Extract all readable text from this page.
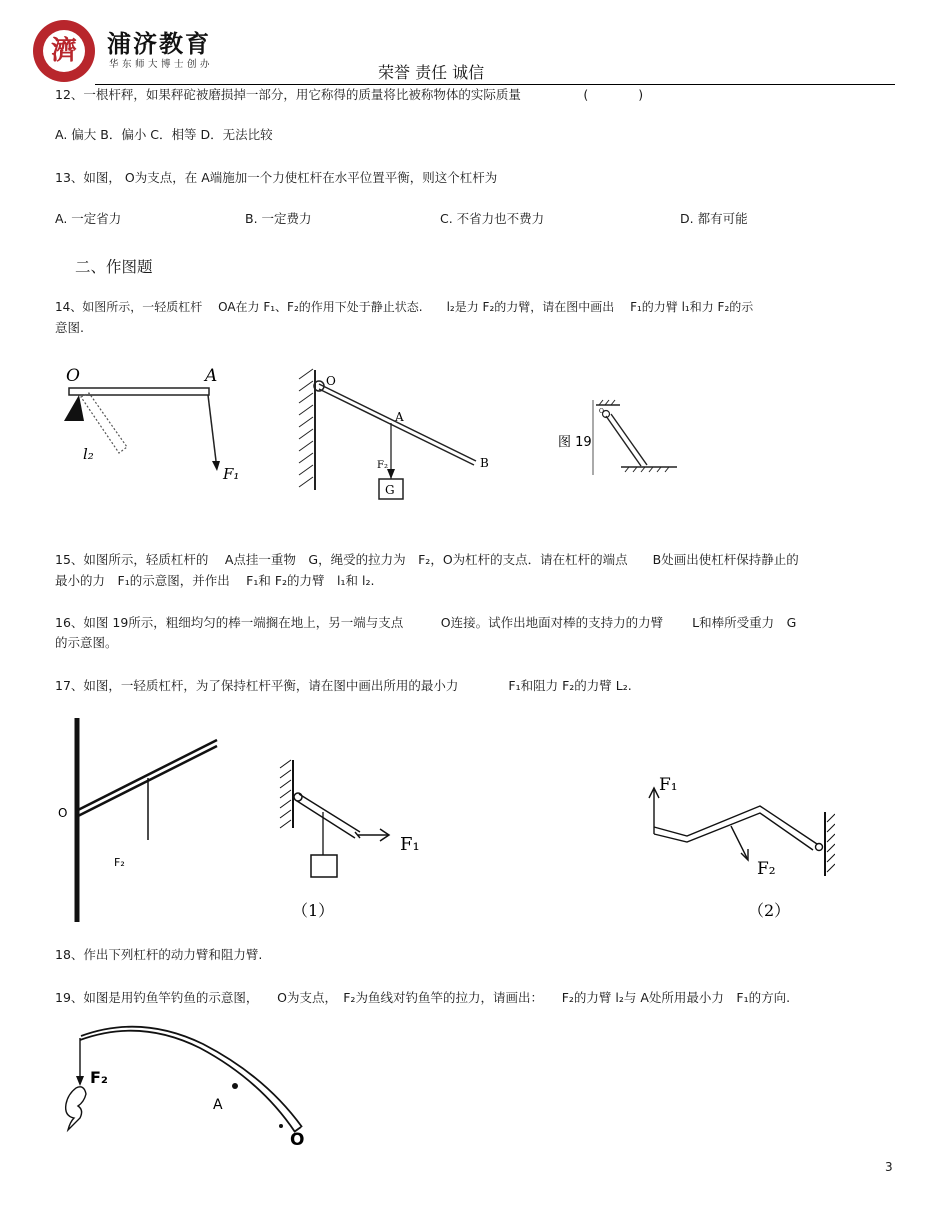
濟	浦济教育
华东师大博士创办	荣誉 责任 诚信
12、一根杆秤，如果秤砣被磨损掉一部分，用它称得的质量将比被称物体的实际质量　　　　　(　　　　)
A. 偏大 B．偏小 C．相等 D．无法比较
13、如图， O为支点，在 A端施加一个力使杠杆在水平位置平衡，则这个杠杆为
A. 一定省力	B. 一定费力	C. 不省力也不费力	D. 都有可能
二、作图题
14、如图所示，一轻质杠杆　 OA在力 F₁、F₂的作用下处于静止状态.　　l₂是力 F₂的力臂，请在图中画出　 F₁的力臂 l₁和力 F₂的示
意图.
O	A
l₂
F₁
O
A
B
F₂
G
图 19
O
15、如图所示，轻质杠杆的　 A点挂一重物　G，绳受的拉力为　F₂，O为杠杆的支点．请在杠杆的端点　　B处画出使杠杆保持静止的
最小的力　F₁的示意图，并作出　 F₁和 F₂的力臂　l₁和 l₂.
16、如图 19所示，粗细均匀的棒一端搁在地上，另一端与支点　　　O连接。试作出地面对棒的支持力的力臂　　 L和棒所受重力　G
的示意图。
17、如图，一轻质杠杆，为了保持杠杆平衡，请在图中画出所用的最小力　　　　F₁和阻力 F₂的力臂 L₂.
O
F₂
F₁
（1）
F₁
F₂
（2）
18、作出下列杠杆的动力臂和阻力臂.
19、如图是用钓鱼竿钓鱼的示意图，　　O为支点，　F₂为鱼线对钓鱼竿的拉力，请画出：　　F₂的力臂 l₂与 A处所用最小力　F₁的方向.
F₂
A
O
3
